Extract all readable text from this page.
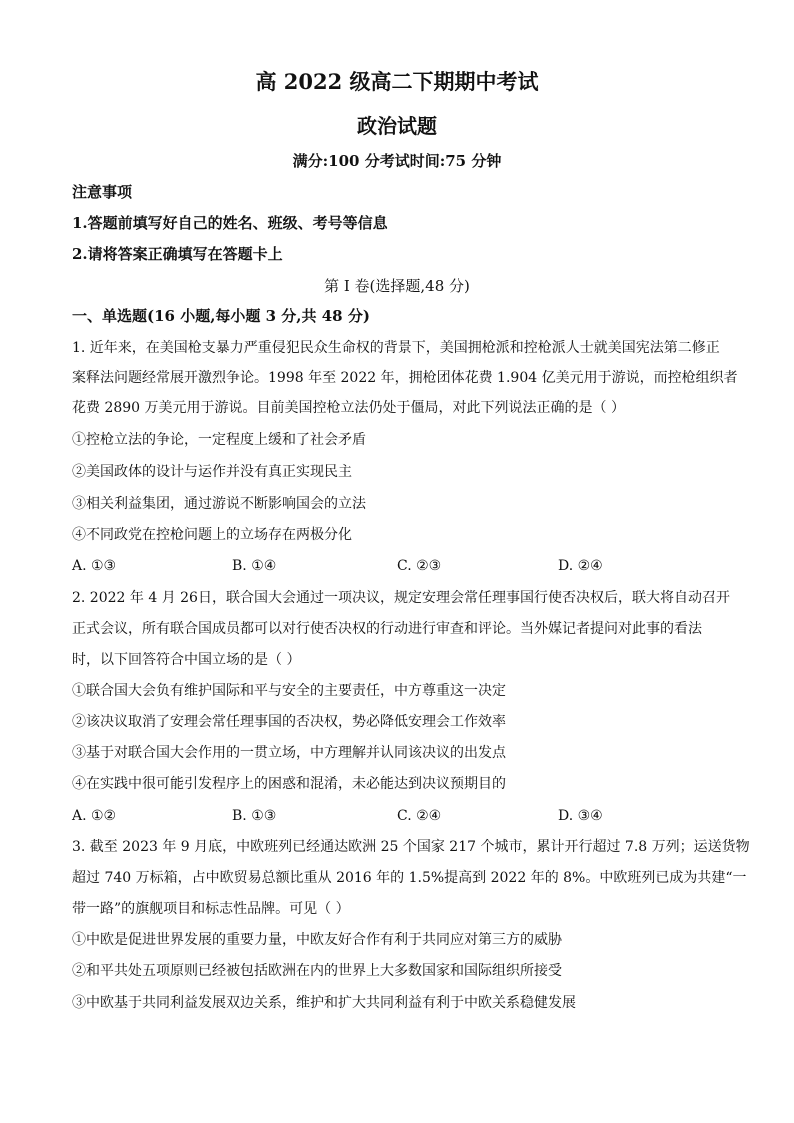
高 2022 级高二下期期中考试
政治试题
满分:100 分考试时间:75 分钟
注意事项
1.答题前填写好自己的姓名、班级、考号等信息
2.请将答案正确填写在答题卡上
第 I 卷(选择题,48 分)
一、单选题(16 小题,每小题 3 分,共 48 分)
1. 近年来，在美国枪支暴力严重侵犯民众生命权的背景下，美国拥枪派和控枪派人士就美国宪法第二修正
案释法问题经常展开激烈争论。1998 年至 2022 年，拥枪团体花费 1.904 亿美元用于游说，而控枪组织者
花费 2890 万美元用于游说。目前美国控枪立法仍处于僵局，对此下列说法正确的是（ ）
①控枪立法的争论，一定程度上缓和了社会矛盾
②美国政体的设计与运作并没有真正实现民主
③相关利益集团，通过游说不断影响国会的立法
④不同政党在控枪问题上的立场存在两极分化
A. ①③	B. ①④	C. ②③	D. ②④
2. 2022 年 4 月 26日，联合国大会通过一项决议，规定安理会常任理事国行使否决权后，联大将自动召开
正式会议，所有联合国成员都可以对行使否决权的行动进行审查和评论。当外媒记者提问对此事的看法
时，以下回答符合中国立场的是（ ）
①联合国大会负有维护国际和平与安全的主要责任，中方尊重这一决定
②该决议取消了安理会常任理事国的否决权，势必降低安理会工作效率
③基于对联合国大会作用的一贯立场，中方理解并认同该决议的出发点
④在实践中很可能引发程序上的困惑和混淆，未必能达到决议预期目的
A. ①②	B. ①③	C. ②④	D. ③④
3. 截至 2023 年 9 月底，中欧班列已经通达欧洲 25 个国家 217 个城市，累计开行超过 7.8 万列；运送货物
超过 740 万标箱，占中欧贸易总额比重从 2016 年的 1.5%提高到 2022 年的 8%。中欧班列已成为共建“一
带一路”的旗舰项目和标志性品牌。可见（ ）
①中欧是促进世界发展的重要力量，中欧友好合作有利于共同应对第三方的威胁
②和平共处五项原则已经被包括欧洲在内的世界上大多数国家和国际组织所接受
③中欧基于共同利益发展双边关系，维护和扩大共同利益有利于中欧关系稳健发展
